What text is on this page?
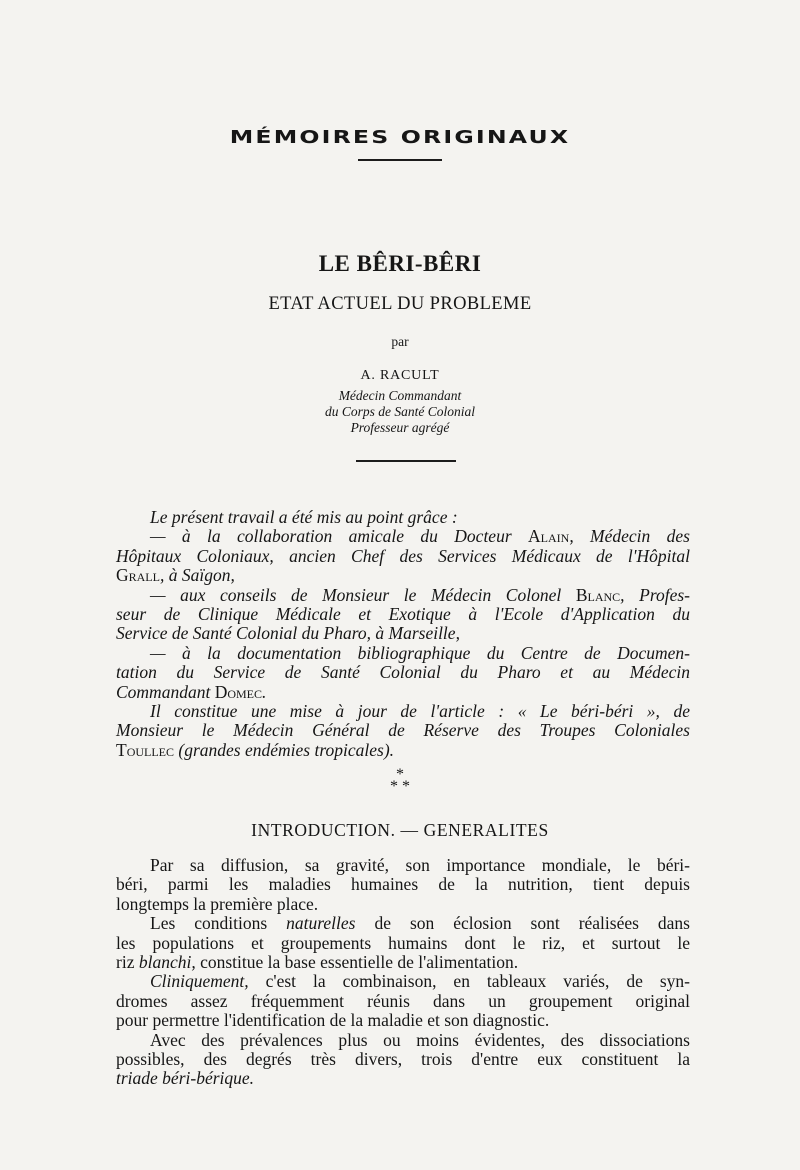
MÉMOIRES ORIGINAUX
LE BÊRI-BÊRI
ETAT ACTUEL DU PROBLEME
par
A. RACULT
Médecin Commandant
du Corps de Santé Colonial
Professeur agrégé

Le présent travail a été mis au point grâce :

— à la collaboration amicale du Docteur Alain, Médecin des

Hôpitaux Coloniaux, ancien Chef des Services Médicaux de l'Hôpital

Grall, à Saïgon,

— aux conseils de Monsieur le Médecin Colonel Blanc, Profes-

seur de Clinique Médicale et Exotique à l'Ecole d'Application du

Service de Santé Colonial du Pharo, à Marseille,

— à la documentation bibliographique du Centre de Documen-

tation du Service de Santé Colonial du Pharo et au Médecin

Commandant Domec.

Il constitue une mise à jour de l'article : « Le béri-béri », de

Monsieur le Médecin Général de Réserve des Troupes Coloniales

Toullec (grandes endémies tropicales).

*
* *
INTRODUCTION. — GENERALITES

Par sa diffusion, sa gravité, son importance mondiale, le béri-

béri, parmi les maladies humaines de la nutrition, tient depuis

longtemps la première place.

Les conditions naturelles de son éclosion sont réalisées dans

les populations et groupements humains dont le riz, et surtout le

riz blanchi, constitue la base essentielle de l'alimentation.

Cliniquement, c'est la combinaison, en tableaux variés, de syn-

dromes assez fréquemment réunis dans un groupement original

pour permettre l'identification de la maladie et son diagnostic.

Avec des prévalences plus ou moins évidentes, des dissociations

possibles, des degrés très divers, trois d'entre eux constituent la

triade béri-bérique.
